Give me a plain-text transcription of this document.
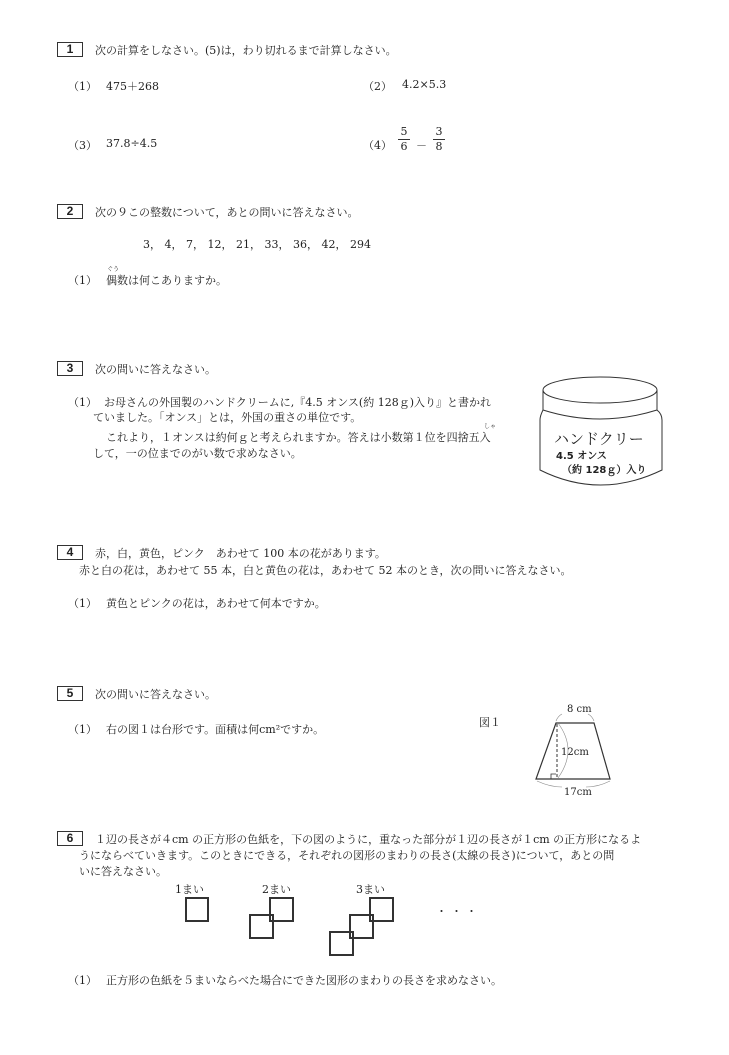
1	次の計算をしなさい。(5)は，わり切れるまで計算しなさい。
（1） 475＋268	（2） 4.2×5.3
（3） 37.8÷4.5	（4）
5
6 －
3
8
2	次の９この整数について，あとの問いに答えなさい。
3， 4， 7， 12， 21， 33， 36， 42， 294
ぐう
（1） 偶数は何こありますか。
3	次の問いに答えなさい。
（1） お母さんの外国製のハンドクリームに,『4.5 オンス(約 128ｇ)入り』と書かれ
ていました。「オンス」とは，外国の重さの単位です。
しゃ
これより，１オンスは約何ｇと考えられますか。答えは小数第１位を四捨五入
して，一の位までのがい数で求めなさい。
ハンドクリー
4.5 オンス
（約 128ｇ）入り
4	赤，白，黄色，ピンク　あわせて 100 本の花があります。
赤と白の花は，あわせて 55 本，白と黄色の花は，あわせて 52 本のとき，次の問いに答えなさい。
（1） 黄色とピンクの花は，あわせて何本ですか。
5	次の問いに答えなさい。
（1） 右の図１は台形です。面積は何cm²ですか。
図１
8 cm
12cm
17cm
6	１辺の長さが４cm の正方形の色紙を，下の図のように，重なった部分が１辺の長さが１cm の正方形になるよ
うにならべていきます。このときにできる，それぞれの図形のまわりの長さ(太線の長さ)について，あとの問
いに答えなさい。
1まい	2まい	3まい
・・・
（1） 正方形の色紙を５まいならべた場合にできた図形のまわりの長さを求めなさい。
